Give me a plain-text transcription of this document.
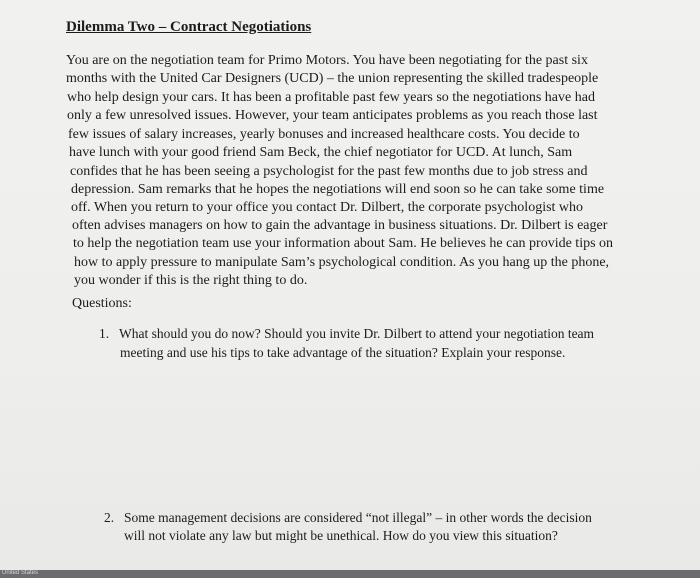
Dilemma Two – Contract Negotiations
You are on the negotiation team for Primo Motors. You have been negotiating for the past six
months with the United Car Designers (UCD) – the union representing the skilled tradespeople
who help design your cars. It has been a profitable past few years so the negotiations have had
only a few unresolved issues. However, your team anticipates problems as you reach those last
few issues of salary increases, yearly bonuses and increased healthcare costs. You decide to
have lunch with your good friend Sam Beck, the chief negotiator for UCD. At lunch, Sam
confides that he has been seeing a psychologist for the past few months due to job stress and
depression. Sam remarks that he hopes the negotiations will end soon so he can take some time
off. When you return to your office you contact Dr. Dilbert, the corporate psychologist who
often advises managers on how to gain the advantage in business situations. Dr. Dilbert is eager
to help the negotiation team use your information about Sam. He believes he can provide tips on
how to apply pressure to manipulate Sam’s psychological condition. As you hang up the phone,
you wonder if this is the right thing to do.
Questions:
1. What should you do now? Should you invite Dr. Dilbert to attend your negotiation team
meeting and use his tips to take advantage of the situation? Explain your response.
2. Some management decisions are considered “not illegal” – in other words the decision
will not violate any law but might be unethical. How do you view this situation?
United States
